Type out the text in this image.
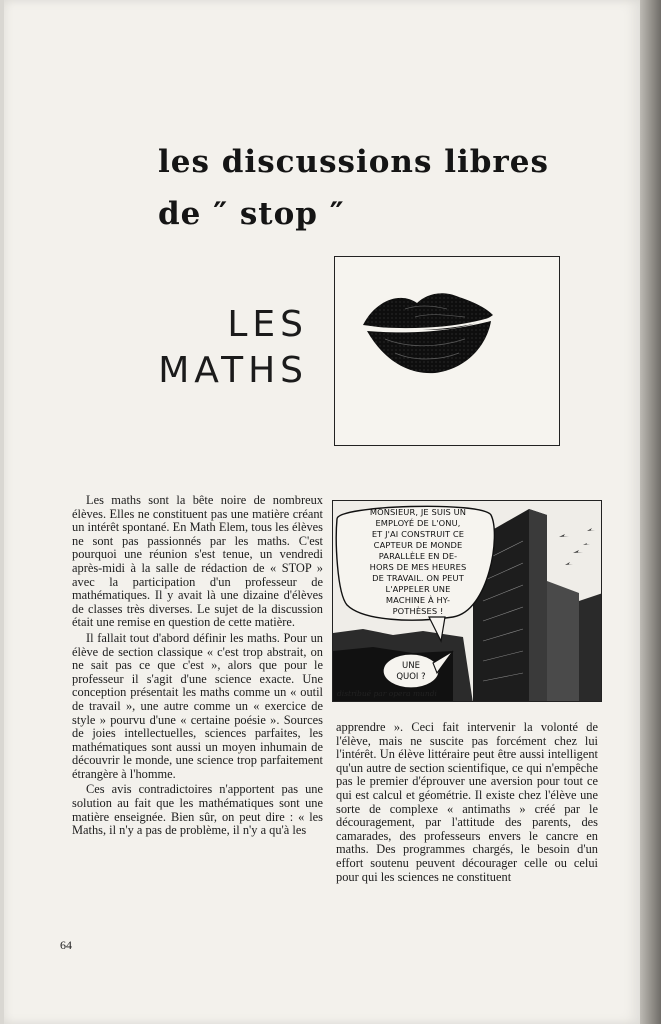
les discussions libres
de ″ stop ″
LES
MATHS
MONSIEUR, JE SUIS UN
EMPLOYÉ DE L'ONU,
ET J'AI CONSTRUIT CE
CAPTEUR DE MONDE
PARALLÈLE EN DE-
HORS DE MES HEURES
DE TRAVAIL. ON PEUT
L'APPELER UNE
MACHINE À HY-
POTHÈSES !
UNE
QUOI ?
distribué par opera mundi

Les maths sont la bête noire de nombreux élèves. Elles ne constituent pas une matière créant un intérêt spontané. En Math Elem, tous les élèves ne sont pas passionnés par les maths. C'est pourquoi une réunion s'est tenue, un vendredi après-midi à la salle de rédaction de « STOP » avec la participation d'un professeur de mathématiques. Il y avait là une dizaine d'élèves de classes très diverses. Le sujet de la discussion était une remise en question de cette matière.

Il fallait tout d'abord définir les maths. Pour un élève de section classique « c'est trop abstrait, on ne sait pas ce que c'est », alors que pour le professeur il s'agit d'une science exacte. Une conception présentait les maths comme un « outil de travail », une autre comme un « exercice de style » pourvu d'une « certaine poésie ». Sources de joies intellectuelles, sciences parfaites, les mathématiques sont aussi un moyen inhumain de découvrir le monde, une science trop parfaitement étrangère à l'homme.

Ces avis contradictoires n'apportent pas une solution au fait que les mathématiques sont une matière enseignée. Bien sûr, on peut dire : « les Maths, il n'y a pas de problème, il n'y a qu'à les

apprendre ». Ceci fait intervenir la volonté de l'élève, mais ne suscite pas forcément chez lui l'intérêt. Un élève littéraire peut être aussi intelligent qu'un autre de section scientifique, ce qui n'empêche pas le premier d'éprouver une aversion pour tout ce qui est calcul et géométrie. Il existe chez l'élève une sorte de complexe « antimaths » créé par le découragement, par l'attitude des parents, des camarades, des professeurs envers le cancre en maths. Des programmes chargés, le besoin d'un effort soutenu peuvent décourager celle ou celui pour qui les sciences ne constituent

64
